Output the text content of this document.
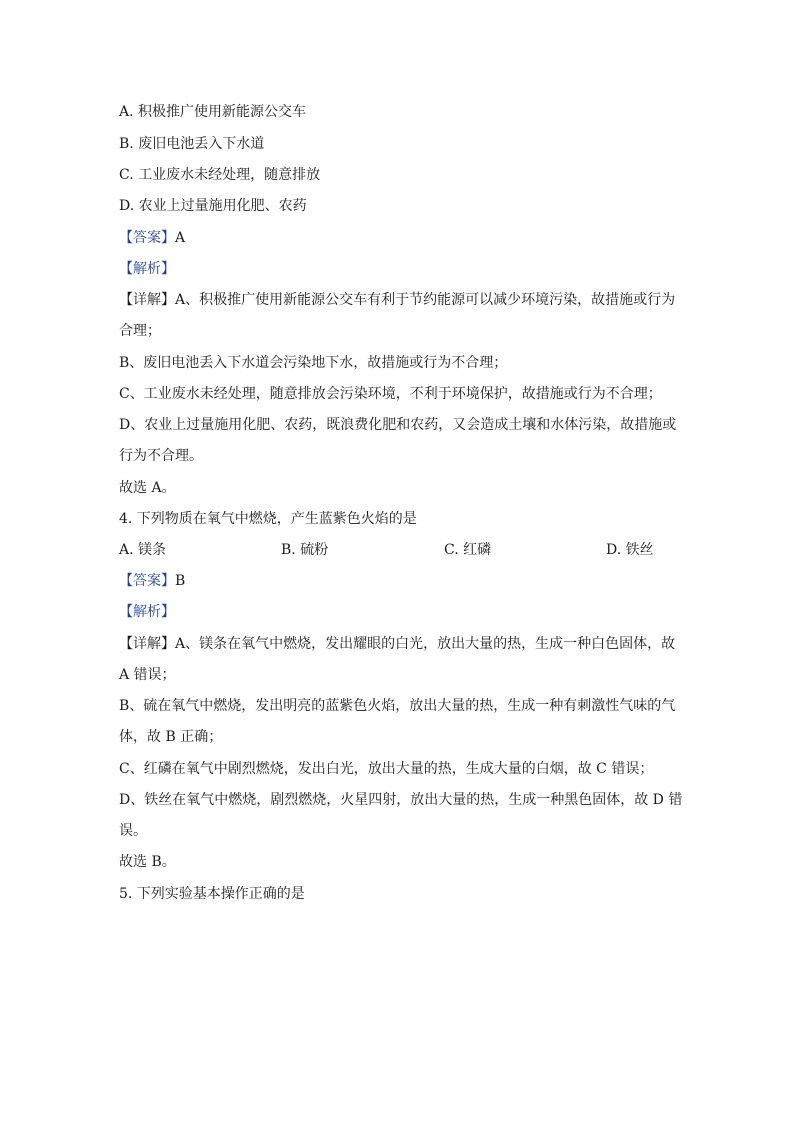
A. 积极推广使用新能源公交车
B. 废旧电池丢入下水道
C. 工业废水未经处理，随意排放
D. 农业上过量施用化肥、农药
【答案】A
【解析】
【详解】A、积极推广使用新能源公交车有利于节约能源可以减少环境污染，故措施或行为
合理；
B、废旧电池丢入下水道会污染地下水，故措施或行为不合理；
C、工业废水未经处理，随意排放会污染环境，不利于环境保护，故措施或行为不合理；
D、农业上过量施用化肥、农药，既浪费化肥和农药，又会造成土壤和水体污染，故措施或
行为不合理。
故选 A。
4. 下列物质在氧气中燃烧，产生蓝紫色火焰的是
A. 镁条	B. 硫粉	C. 红磷	D. 铁丝
【答案】B
【解析】
【详解】A、镁条在氧气中燃烧，发出耀眼的白光，放出大量的热，生成一种白色固体，故
A 错误；
B、硫在氧气中燃烧，发出明亮的蓝紫色火焰，放出大量的热，生成一种有刺激性气味的气
体，故 B 正确；
C、红磷在氧气中剧烈燃烧，发出白光，放出大量的热，生成大量的白烟，故 C 错误；
D、铁丝在氧气中燃烧，剧烈燃烧，火星四射，放出大量的热，生成一种黑色固体，故 D 错
误。
故选 B。
5. 下列实验基本操作正确的是
